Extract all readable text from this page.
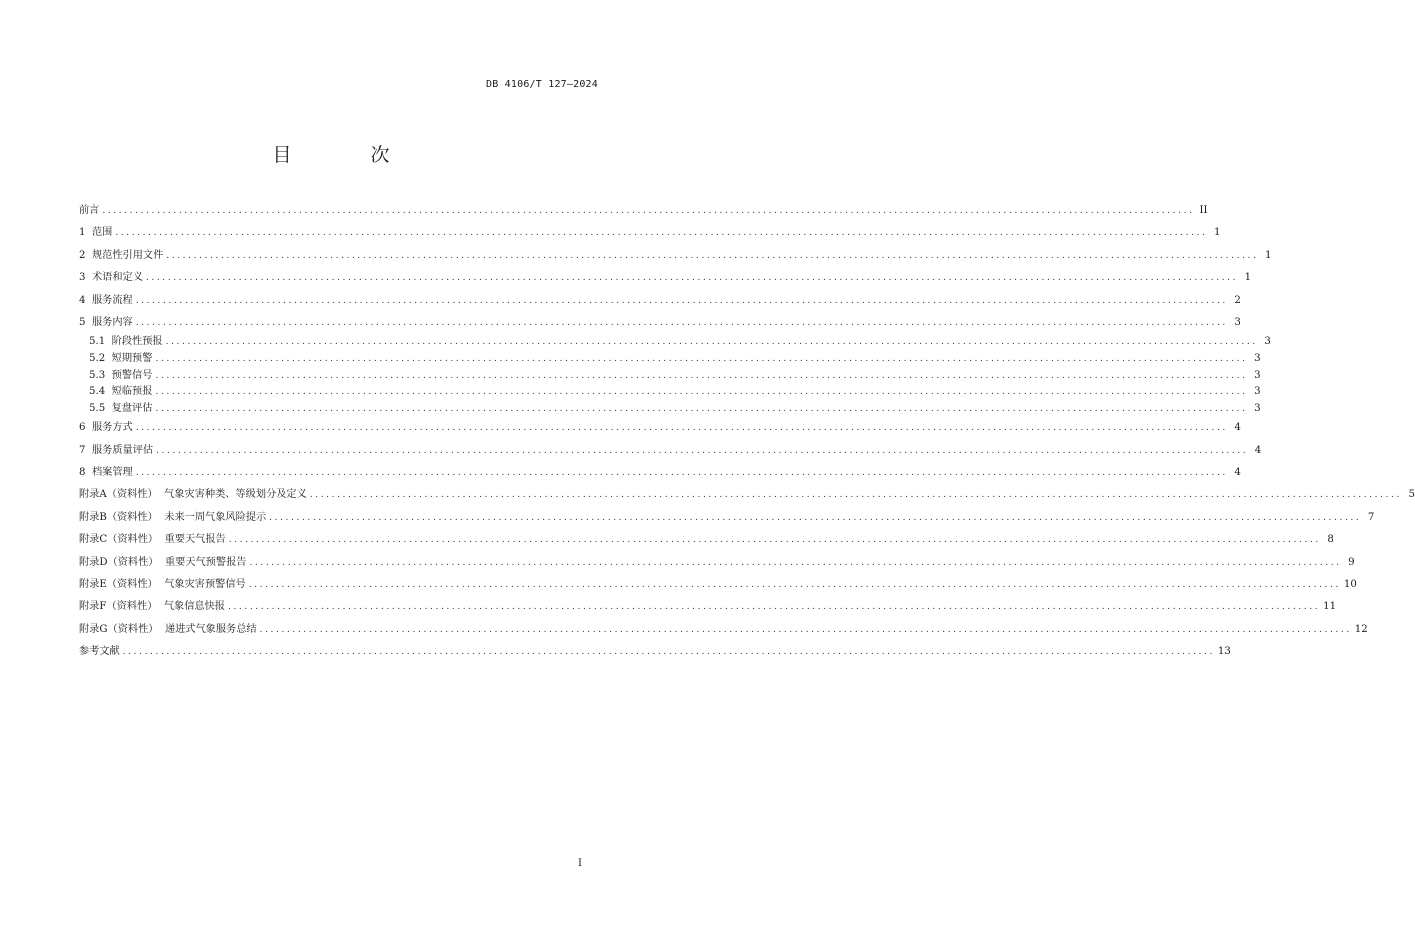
DB 4106/T 127—2024
目　次
前言 ........................................................................................................................................................................................................ II
1  范围 ........................................................................................................................................................................................................ 1
2  规范性引用文件 ........................................................................................................................................................................................................ 1
3  术语和定义 ........................................................................................................................................................................................................ 1
4  服务流程 ........................................................................................................................................................................................................ 2
5  服务内容 ........................................................................................................................................................................................................ 3
5.1  阶段性预报 ........................................................................................................................................................................................................ 3
5.2  短期预警 ........................................................................................................................................................................................................ 3
5.3  预警信号 ........................................................................................................................................................................................................ 3
5.4  短临预报 ........................................................................................................................................................................................................ 3
5.5  复盘评估 ........................................................................................................................................................................................................ 3
6  服务方式 ........................................................................................................................................................................................................ 4
7  服务质量评估 ........................................................................................................................................................................................................ 4
8  档案管理 ........................................................................................................................................................................................................ 4
附录A（资料性）  气象灾害种类、等级划分及定义 ........................................................................................................................................................................................................ 5
附录B（资料性）  未来一周气象风险提示 ........................................................................................................................................................................................................ 7
附录C（资料性）  重要天气报告 ........................................................................................................................................................................................................ 8
附录D（资料性）  重要天气预警报告 ........................................................................................................................................................................................................ 9
附录E（资料性）  气象灾害预警信号 ........................................................................................................................................................................................................ 10
附录F（资料性）  气象信息快报 ........................................................................................................................................................................................................ 11
附录G（资料性）  递进式气象服务总结 ........................................................................................................................................................................................................ 12
参考文献 ........................................................................................................................................................................................................ 13
I
